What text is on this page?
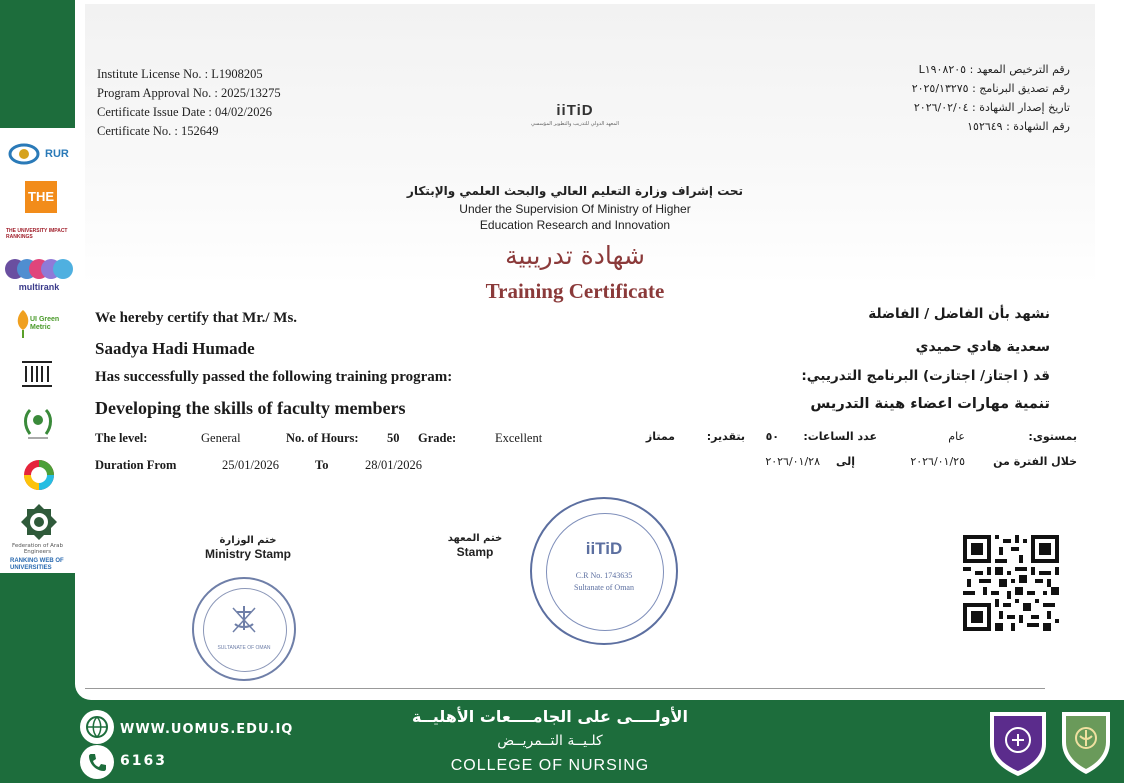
Institute License No. : L1908205
Program Approval No. : 2025/13275
Certificate Issue Date : 04/02/2026
Certificate No. : 152649
رقم الترخيص المعهد : L١٩٠٨٢٠٥
رقم تصديق البرنامج : ٢٠٢٥/١٣٢٧٥
تاريخ إصدار الشهادة : ٢٠٢٦/٠٢/٠٤
رقم الشهادة : ١٥٢٦٤٩
iiTiD
المعهد الدولي للتدريب والتطوير المؤسسي
تحت إشراف وزارة التعليم العالي والبحث العلمي والإبتكار
Under the Supervision Of Ministry of Higher
Education Research and Innovation
شهادة تدريبية
Training Certificate
We hereby certify that Mr./ Ms.
Saadya Hadi Humade
Has successfully passed the following training program:
Developing the skills of faculty members
نشهد بأن الفاضل / الفاضلة
سعدية هادي حميدي
قد ( اجتاز/ اجتازت) البرنامج التدريبي:
تنمية مهارات اعضاء هينة التدريس
The level:	General	No. of Hours: 50 Grade:	Excellent
Duration From	25/01/2026	To	28/01/2026
بمستوى:
عام
عدد الساعات:
٥٠
بتقدير:
ممتاز
خلال الفترة من
٢٠٢٦/٠١/٢٥
إلى
٢٠٢٦/٠١/٢٨
ختم الوزارة
Ministry Stamp
SULTANATE OF OMAN
ختم المعهد
Stamp	iiTiD
C.R No. 1743635
Sultanate of Oman
RUR
THE
THE UNIVERSITY IMPACT RANKINGS
multirank
UI Green Metric
Federation of Arab Engineers
RANKING WEB OF UNIVERSITIES
WWW.UOMUS.EDU.IQ
6163
الأولــــى على الجامــــعات الأهليــة
كلـيــة التــمريــض
COLLEGE OF NURSING
